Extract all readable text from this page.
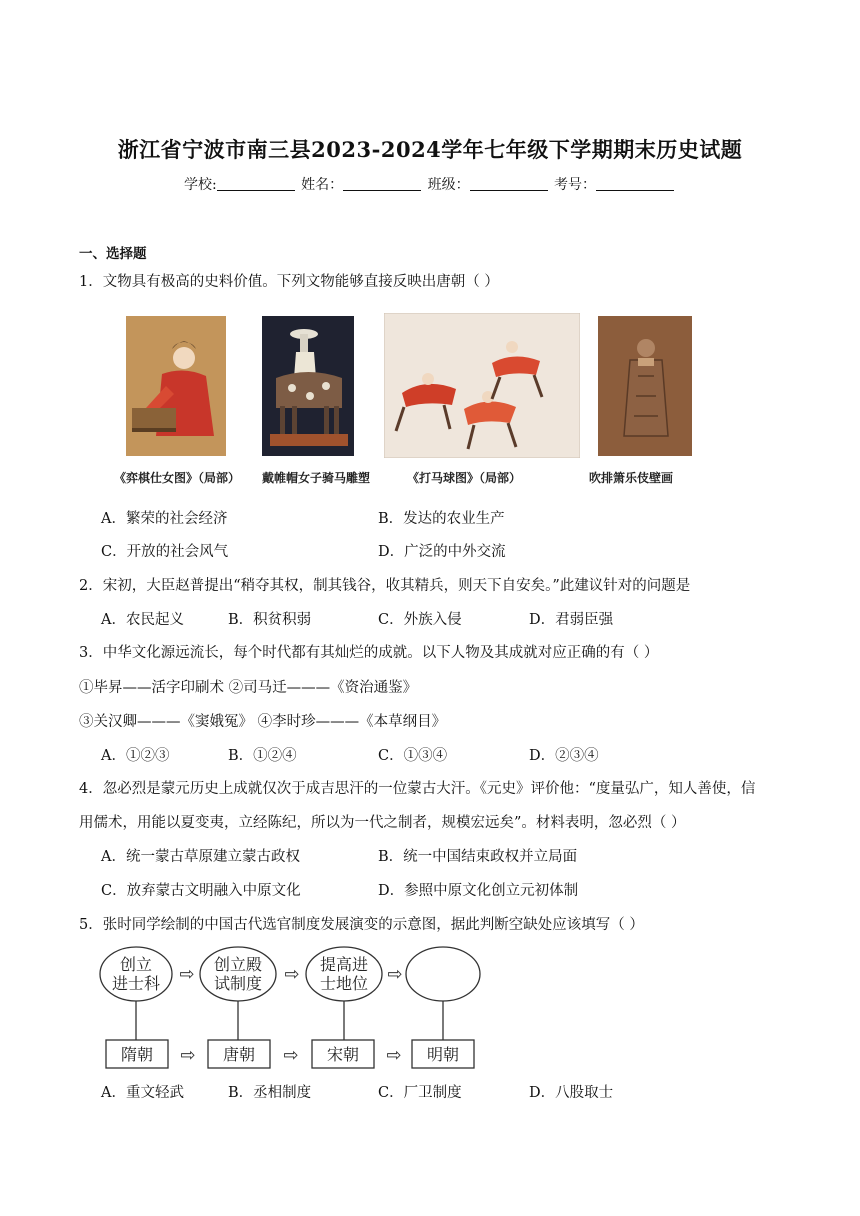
浙江省宁波市南三县2023-2024学年七年级下学期期末历史试题
学校:	姓名：	班级：	考号：
一、选择题
1．文物具有极高的史料价值。下列文物能够直接反映出唐朝（ ）
《弈棋仕女图》（局部） 戴帷帽女子骑马雕塑	《打马球图》（局部）	吹排箫乐伎壁画
A．繁荣的社会经济	B．发达的农业生产
C．开放的社会风气	D．广泛的中外交流
2．宋初，大臣赵普提出“稍夺其权，制其钱谷，收其精兵，则天下自安矣。”此建议针对的问题是
A．农民起义	B．积贫积弱	C．外族入侵	D．君弱臣强
3．中华文化源远流长，每个时代都有其灿烂的成就。以下人物及其成就对应正确的有（ ）
①毕昇——活字印刷术 ②司马迁———《资治通鉴》
③关汉卿———《窦娥冤》 ④李时珍———《本草纲目》
A．①②③	B．①②④	C．①③④	D．②③④
4．忽必烈是蒙元历史上成就仅次于成吉思汗的一位蒙古大汗。《元史》评价他：“度量弘广，知人善使，信
用儒术，用能以夏变夷，立经陈纪，所以为一代之制者，规模宏远矣”。材料表明，忽必烈（ ）
A．统一蒙古草原建立蒙古政权	B．统一中国结束政权并立局面
C．放弃蒙古文明融入中原文化	D．参照中原文化创立元初体制
5．张时同学绘制的中国古代选官制度发展演变的示意图，据此判断空缺处应该填写（ ）
创立
进士科
创立殿
试制度
提高进
士地位
隋朝	唐朝	宋朝	明朝
⇨	⇨	⇨
⇨	⇨	⇨
A．重文轻武	B．丞相制度	C．厂卫制度	D．八股取士
